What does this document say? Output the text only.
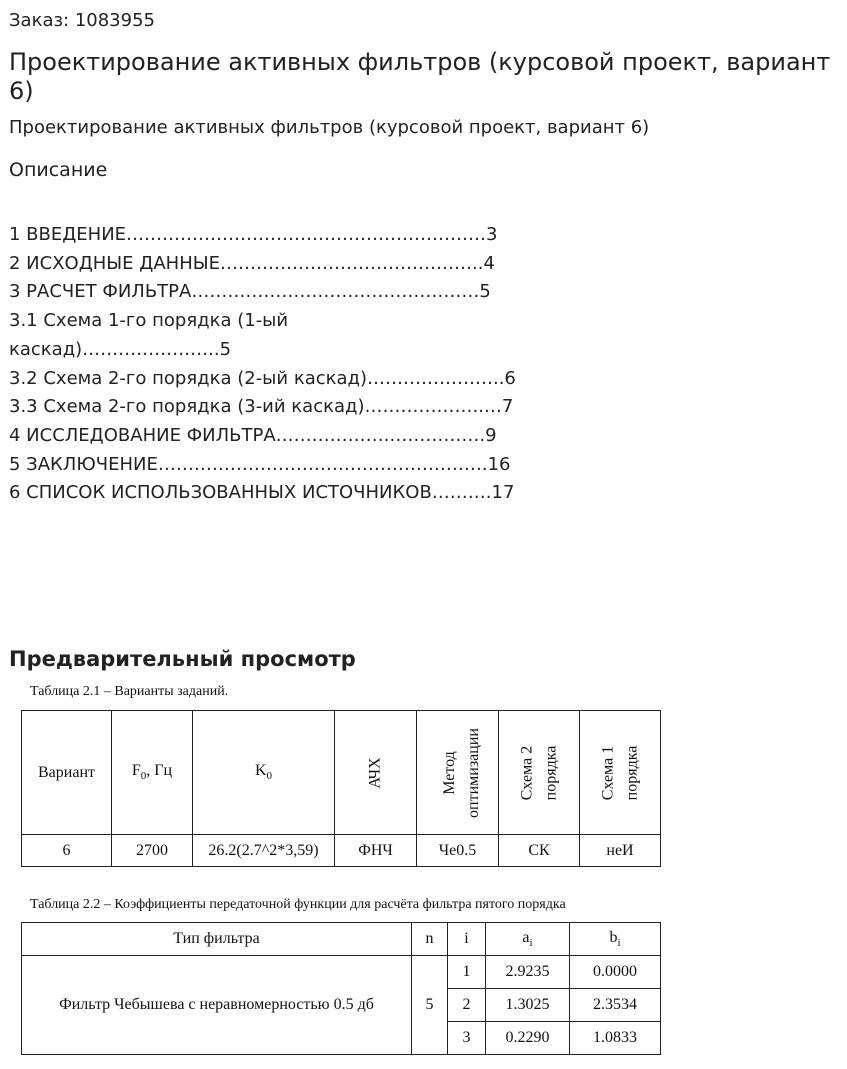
Заказ: 1083955
Проектирование активных фильтров (курсовой проект, вариант 6)
Проектирование активных фильтров (курсовой проект, вариант 6)
Описание
1 ВВЕДЕНИЕ……………………………………………………3
2 ИСХОДНЫЕ ДАННЫЕ……………………………………..4
3 РАСЧЕТ ФИЛЬТРА…………………………………………5
3.1 Схема 1-го порядка (1-ый
каскад)…………………..5
3.2 Схема 2-го порядка (2-ый каскад)…………………..6
3.3 Схема 2-го порядка (3-ий каскад)………………..…7
4 ИССЛЕДОВАНИЕ ФИЛЬТРА……………….…………….9
5 ЗАКЛЮЧЕНИЕ……………………………………………….16
6 СПИСОК ИСПОЛЬЗОВАННЫХ ИСТОЧНИКОВ……….17
Предварительный просмотр
Таблица 2.1 – Варианты заданий.
Вариант	$F_0$, Гц	$K_0$	АЧХ	Метод оптимизации	Схема 2 порядка	Схема 1 порядка
6	2700	26.2(2.7^2*3,59)	ФНЧ	Че0.5	СК	неИ
Таблица 2.2 – Коэффициенты передаточной функции для расчёта фильтра пятого порядка
Тип фильтра	n	i	$a_i$	$b_i$
Фильтр Чебышева с неравномерностью 0.5 дб	5	1	2.9235	0.0000
		2	1.3025	2.3534
		3	0.2290	1.0833
